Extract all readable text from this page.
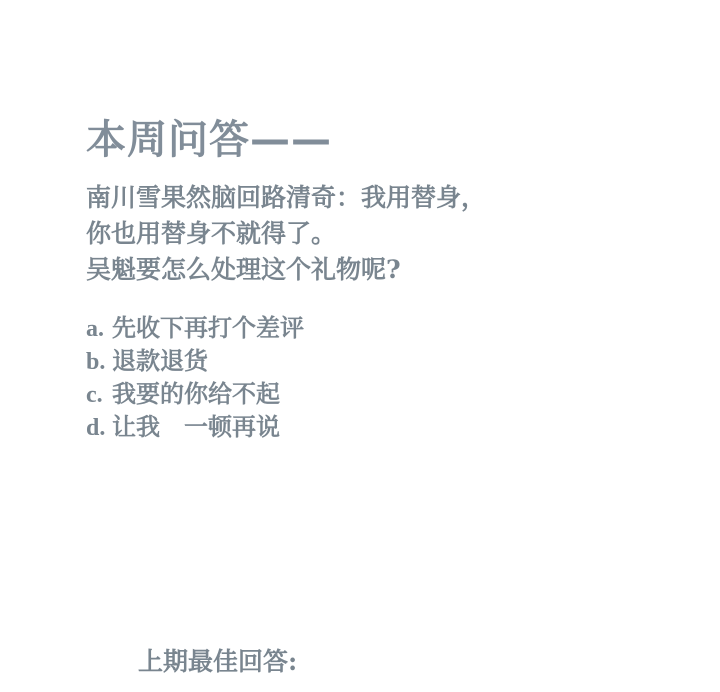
本周问答——
南川雪果然脑回路清奇：我用替身，
你也用替身不就得了。
吴魁要怎么处理这个礼物呢?
a. 先收下再打个差评
b. 退款退货
c. 我要的你给不起
d. 让我　一顿再说
上期最佳回答:
